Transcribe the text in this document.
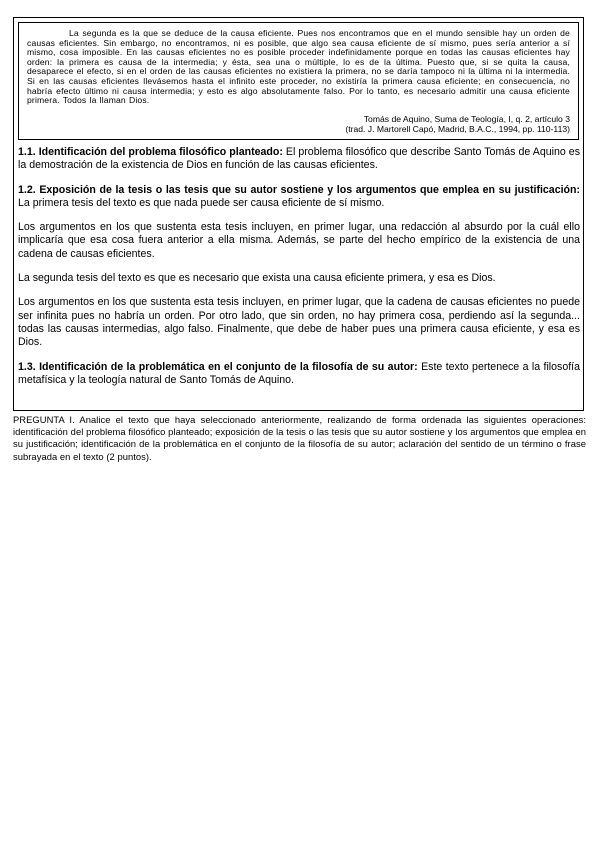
La segunda es la que se deduce de la causa eficiente. Pues nos encontramos que en el mundo sensible hay un orden de causas eficientes. Sin embargo, no encontramos, ni es posible, que algo sea causa eficiente de sí mismo, pues sería anterior a sí mismo, cosa imposible. En las causas eficientes no es posible proceder indefinidamente porque en todas las causas eficientes hay orden: la primera es causa de la intermedia; y ésta, sea una o múltiple, lo es de la última. Puesto que, si se quita la causa, desaparece el efecto, si en el orden de las causas eficientes no existiera la primera, no se daría tampoco ni la última ni la intermedia. Si en las causas eficientes llevásemos hasta el infinito este proceder, no existiría la primera causa eficiente; en consecuencia, no habría efecto último ni causa intermedia; y esto es algo absolutamente falso. Por lo tanto, es necesario admitir una causa eficiente primera. Todos la llaman Dios.

Tomás de Aquino, Suma de Teología, I, q. 2, artículo 3
(trad. J. Martorell Capó, Madrid, B.A.C., 1994, pp. 110-113)

1.1. Identificación del problema filosófico planteado: El problema filosófico que describe Santo Tomás de Aquino es la demostración de la existencia de Dios en función de las causas eficientes.

1.2. Exposición de la tesis o las tesis que su autor sostiene y los argumentos que emplea en su justificación: La primera tesis del texto es que nada puede ser causa eficiente de sí mismo.

Los argumentos en los que sustenta esta tesis incluyen, en primer lugar, una redacción al absurdo por la cuál ello implicaría que esa cosa fuera anterior a ella misma. Además, se parte del hecho empírico de la existencia de una cadena de causas eficientes.

La segunda tesis del texto es que es necesario que exista una causa eficiente primera, y esa es Dios.

Los argumentos en los que sustenta esta tesis incluyen, en primer lugar, que la cadena de causas eficientes no puede ser infinita pues no habría un orden. Por otro lado, que sin orden, no hay primera cosa, perdiendo así la segunda... todas las causas intermedias, algo falso. Finalmente, que debe de haber pues una primera causa eficiente, y esa es Dios.

1.3. Identificación de la problemática en el conjunto de la filosofía de su autor: Este texto pertenece a la filosofía metafísica y la teología natural de Santo Tomás de Aquino.

PREGUNTA I. Analice el texto que haya seleccionado anteriormente, realizando de forma ordenada las siguientes operaciones: identificación del problema filosófico planteado; exposición de la tesis o las tesis que su autor sostiene y los argumentos que emplea en su justificación; identificación de la problemática en el conjunto de la filosofía de su autor; aclaración del sentido de un término o frase subrayada en el texto (2 puntos).
